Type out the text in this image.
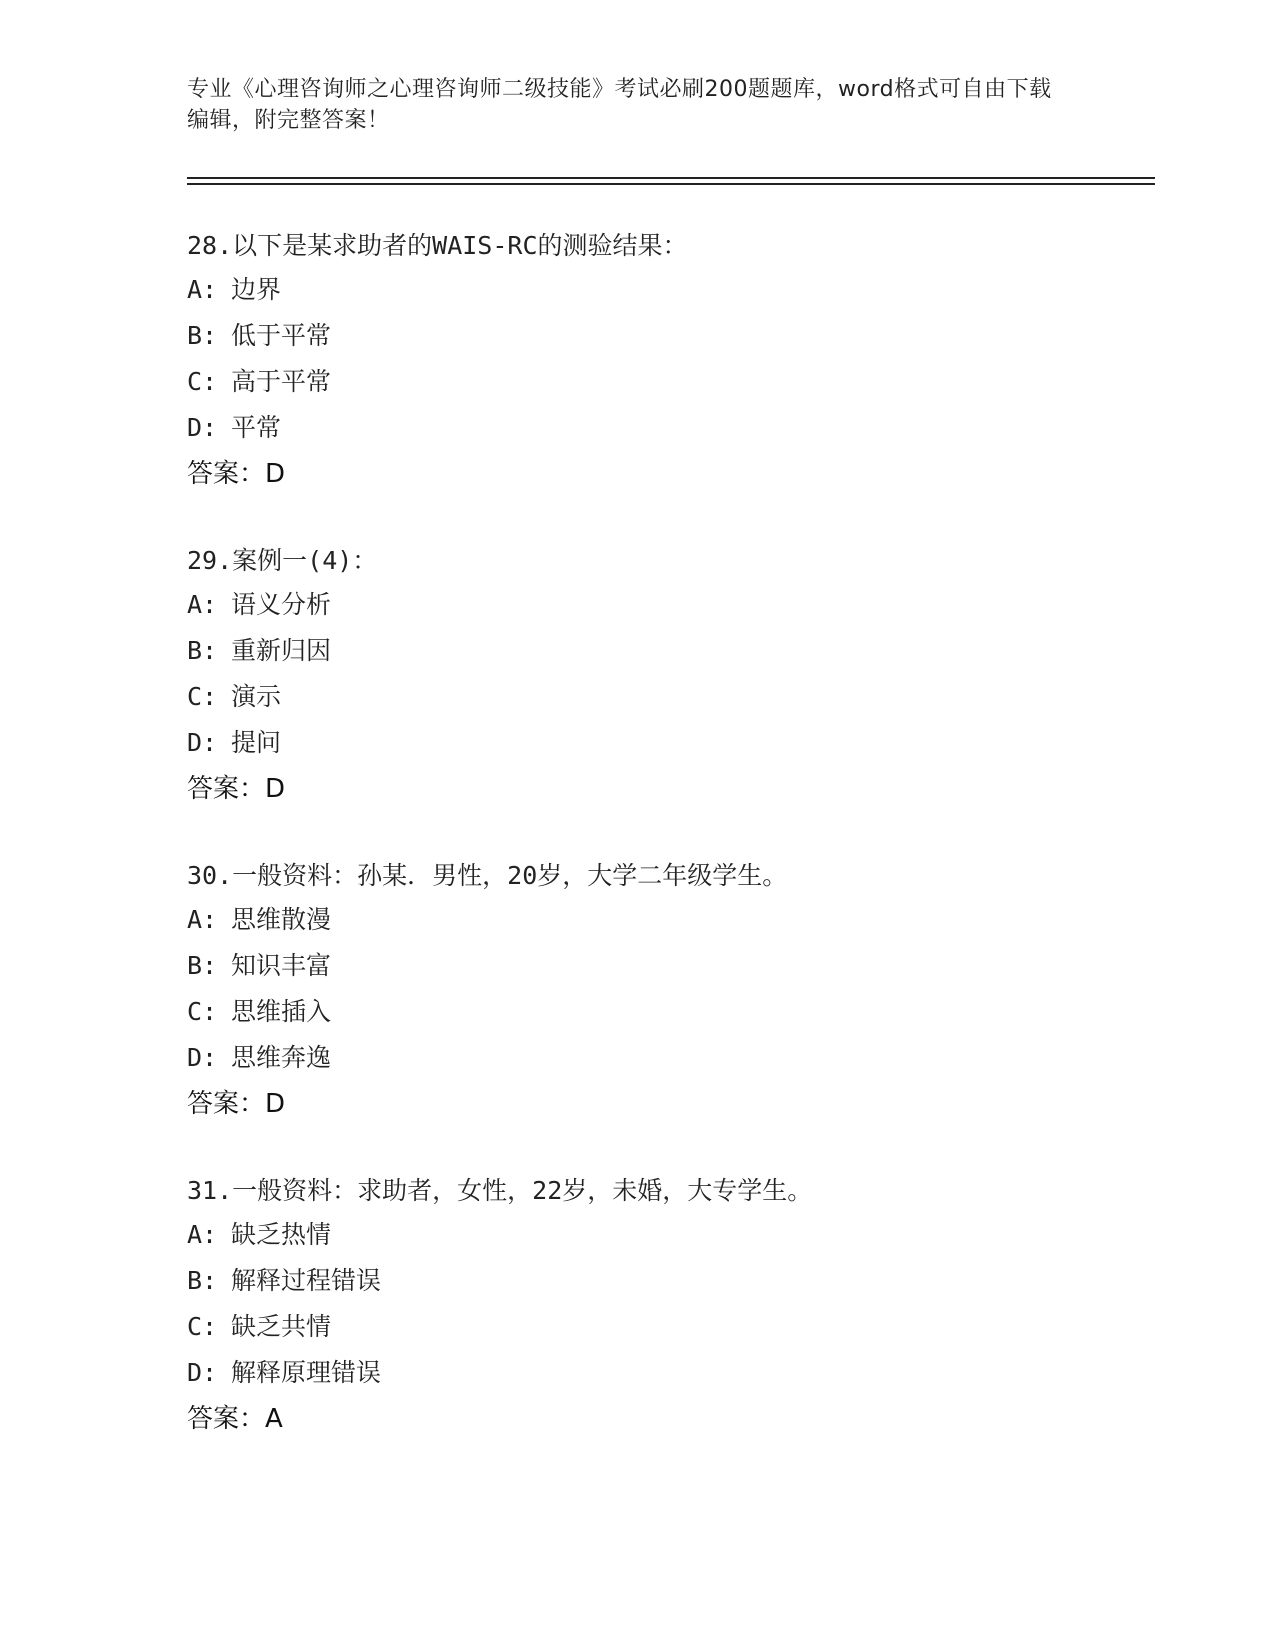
专业《心理咨询师之心理咨询师二级技能》考试必刷200题题库，word格式可自由下载编辑，附完整答案！
28.以下是某求助者的WAIS-RC的测验结果：
A: 边界
B: 低于平常
C: 高于平常
D: 平常
答案：D
29.案例一(4)：
A: 语义分析
B: 重新归因
C: 演示
D: 提问
答案：D
30.一般资料：孙某．男性，20岁，大学二年级学生。
A: 思维散漫
B: 知识丰富
C: 思维插入
D: 思维奔逸
答案：D
31.一般资料：求助者，女性，22岁，未婚，大专学生。
A: 缺乏热情
B: 解释过程错误
C: 缺乏共情
D: 解释原理错误
答案：A
